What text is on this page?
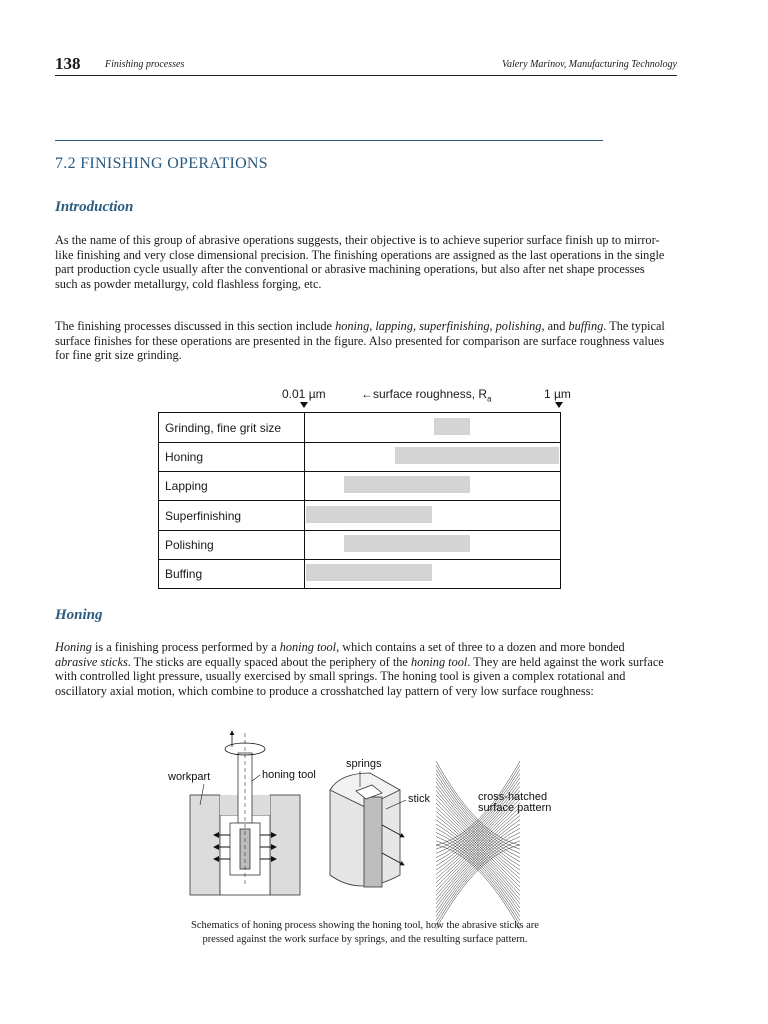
138 Finishing processes	Valery Marinov, Manufacturing Technology
7.2 FINISHING OPERATIONS
Introduction
As the name of this group of abrasive operations suggests, their objective is to achieve superior surface finish up to mirror-like finishing and very close dimensional precision. The finishing operations are assigned as the last operations in the single part production cycle usually after the conventional or abrasive machining operations, but also after net shape processes such as powder metallurgy, cold flashless forging, etc.
The finishing processes discussed in this section include honing, lapping, superfinishing, polishing, and buffing. The typical surface finishes for these operations are presented in the figure. Also presented for comparison are surface roughness values for fine grit size grinding.
0.01 µm	←surface roughness, $R_a$	1 µm
Grinding, fine grit size
Honing
Lapping
Superfinishing
Polishing
Buffing
Honing
Honing is a finishing process performed by a honing tool, which contains a set of three to a dozen and more bonded abrasive sticks. The sticks are equally spaced about the periphery of the honing tool. They are held against the work surface with controlled light pressure, usually exercised by small springs. The honing tool is given a complex rotational and oscillatory axial motion, which combine to produce a crosshatched lay pattern of very low surface roughness:
workpart	honing tool
springs
stick	cross-hatched
surface pattern
Schematics of honing process showing the honing tool, how the abrasive sticks are
pressed against the work surface by springs, and the resulting surface pattern.
